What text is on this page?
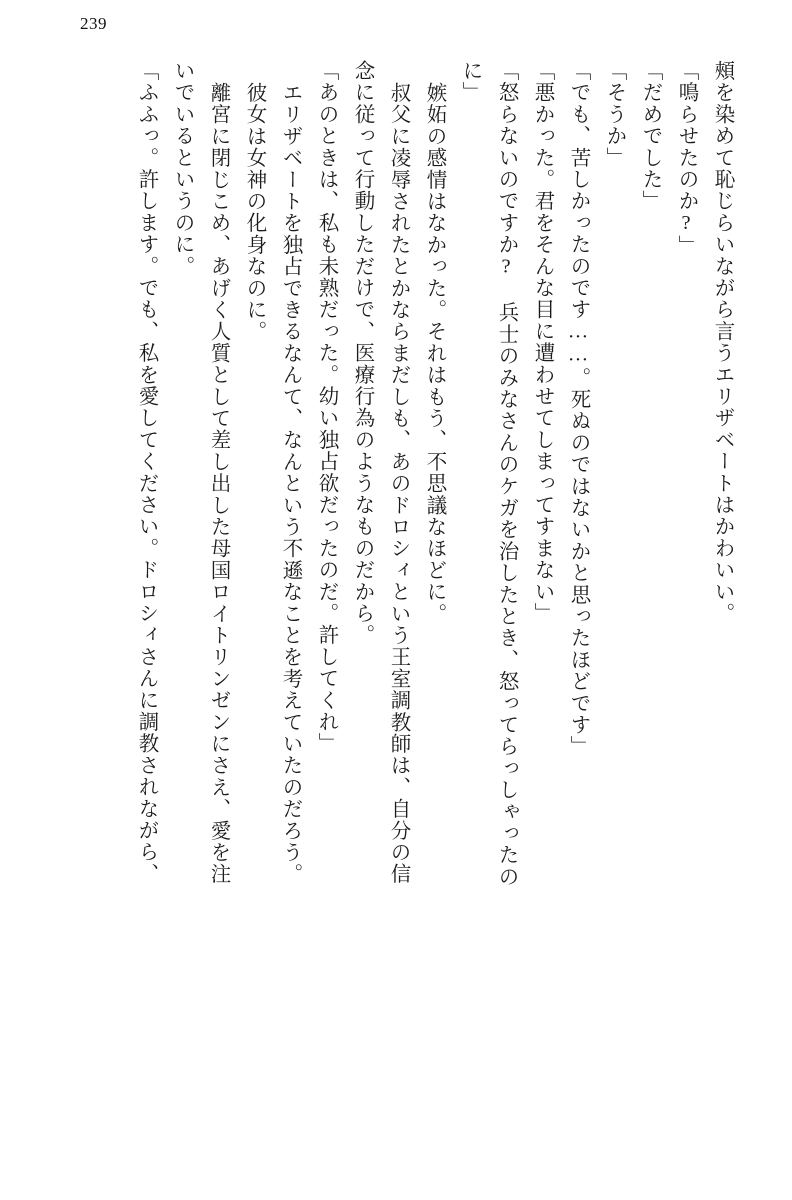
239
頰を染めて恥じらいながら言うエリザベートはかわいい。
「鳴らせたのか?」
「だめでした」
「そうか」
「でも、苦しかったのです……。死ぬのではないかと思ったほどです」
「悪かった。君をそんな目に遭わせてしまってすまない」
「怒らないのですか? 兵士のみなさんのケガを治したとき、怒ってらっしゃったの
に」
嫉妬の感情はなかった。それはもう、不思議なほどに。
叔父に凌辱されたとかならまだしも、あのドロシィという王室調教師は、自分の信
念に従って行動しただけで、医療行為のようなものだから。
「あのときは、私も未熟だった。幼い独占欲だったのだ。許してくれ」
エリザベートを独占できるなんて、なんという不遜なことを考えていたのだろう。
彼女は女神の化身なのに。
離宮に閉じこめ、あげく人質として差し出した母国ロイトリンゼンにさえ、愛を注
いでいるというのに。
「ふふっ。許します。でも、私を愛してください。ドロシィさんに調教されながら、
